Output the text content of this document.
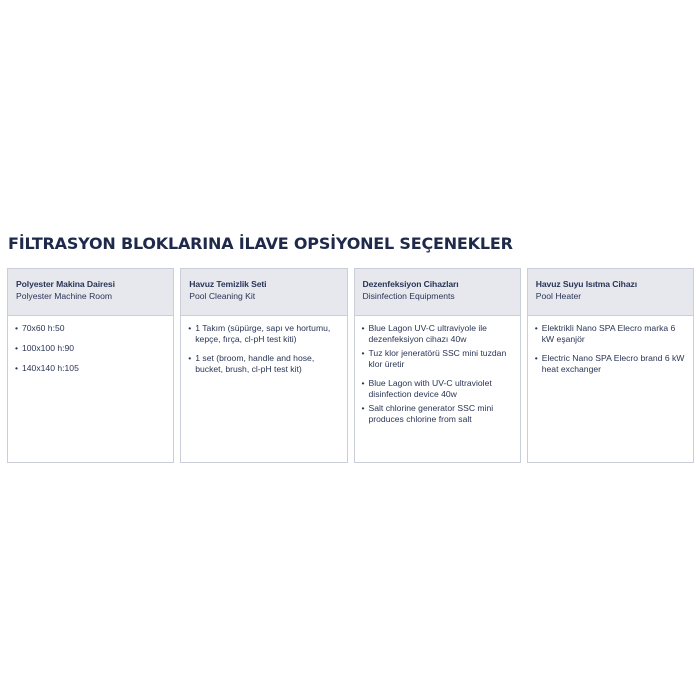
FİLTRASYON BLOKLARINA İLAVE OPSİYONEL SEÇENEKLER
Polyester Makina Dairesi
Polyester Machine Room
• 70x60 h:50
• 100x100 h:90
• 140x140 h:105
Havuz Temizlik Seti
Pool Cleaning Kit
• 1 Takım (süpürge, sapı ve hortumu, kepçe, fırça, cl-pH test kiti)
• 1 set (broom, handle and hose, bucket, brush, cl-pH test kit)
Dezenfeksiyon Cihazları
Disinfection Equipments
• Blue Lagon UV-C ultraviyole ile dezenfeksiyon cihazı 40w
• Tuz klor jeneratörü SSC mini tuzdan klor üretir
• Blue Lagon with UV-C ultraviolet disinfection device 40w
• Salt chlorine generator SSC mini produces chlorine from salt
Havuz Suyu Isıtma Cihazı
Pool Heater
• Elektrikli Nano SPA Elecro marka 6 kW eşanjör
• Electric Nano SPA Elecro brand 6 kW heat exchanger
